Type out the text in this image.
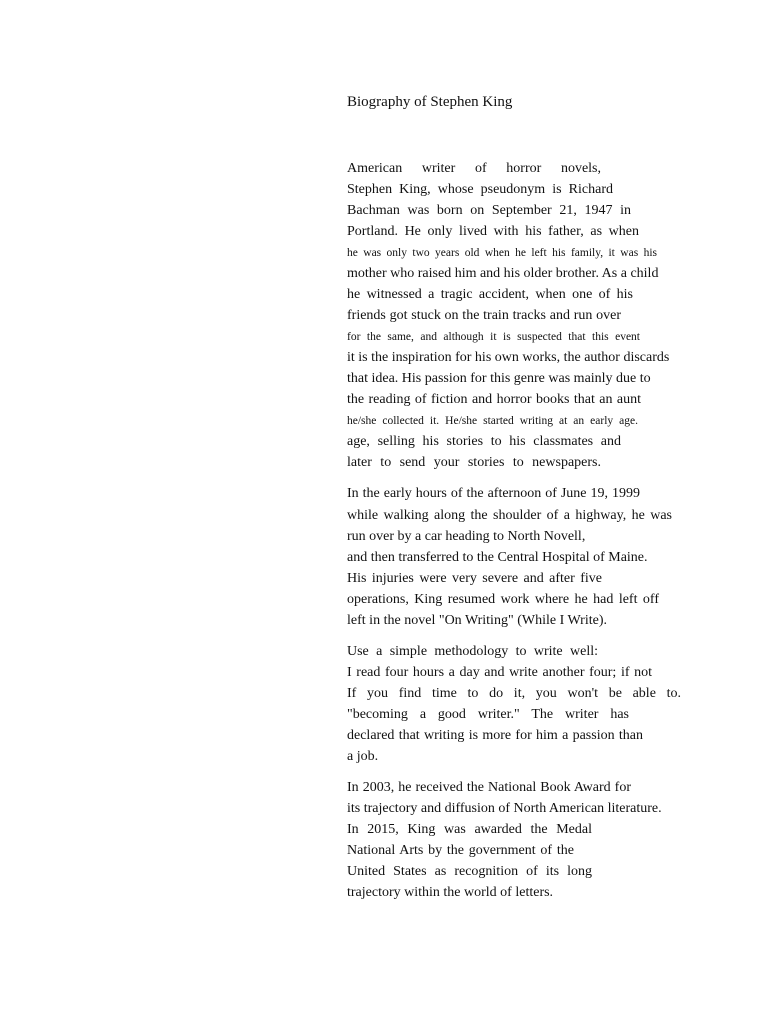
Biography of Stephen King
American writer of horror novels,
Stephen King, whose pseudonym is Richard
Bachman was born on September 21, 1947 in
Portland. He only lived with his father, as when
he was only two years old when he left his family, it was his
mother who raised him and his older brother. As a child
he witnessed a tragic accident, when one of his
friends got stuck on the train tracks and run over
for the same, and although it is suspected that this event
it is the inspiration for his own works, the author discards
that idea. His passion for this genre was mainly due to
the reading of fiction and horror books that an aunt
he/she collected it. He/she started writing at an early age.
age, selling his stories to his classmates and
later to send your stories to newspapers.
In the early hours of the afternoon of June 19, 1999
while walking along the shoulder of a highway, he was
run over by a car heading to North Novell,
and then transferred to the Central Hospital of Maine.
His injuries were very severe and after five
operations, King resumed work where he had left off
left in the novel "On Writing" (While I Write).
Use a simple methodology to write well:
I read four hours a day and write another four; if not
If you find time to do it, you won't be able to.
"becoming a good writer." The writer has
declared that writing is more for him a passion than
a job.
In 2003, he received the National Book Award for
its trajectory and diffusion of North American literature.
In 2015, King was awarded the Medal
National Arts by the government of the
United States as recognition of its long
trajectory within the world of letters.
